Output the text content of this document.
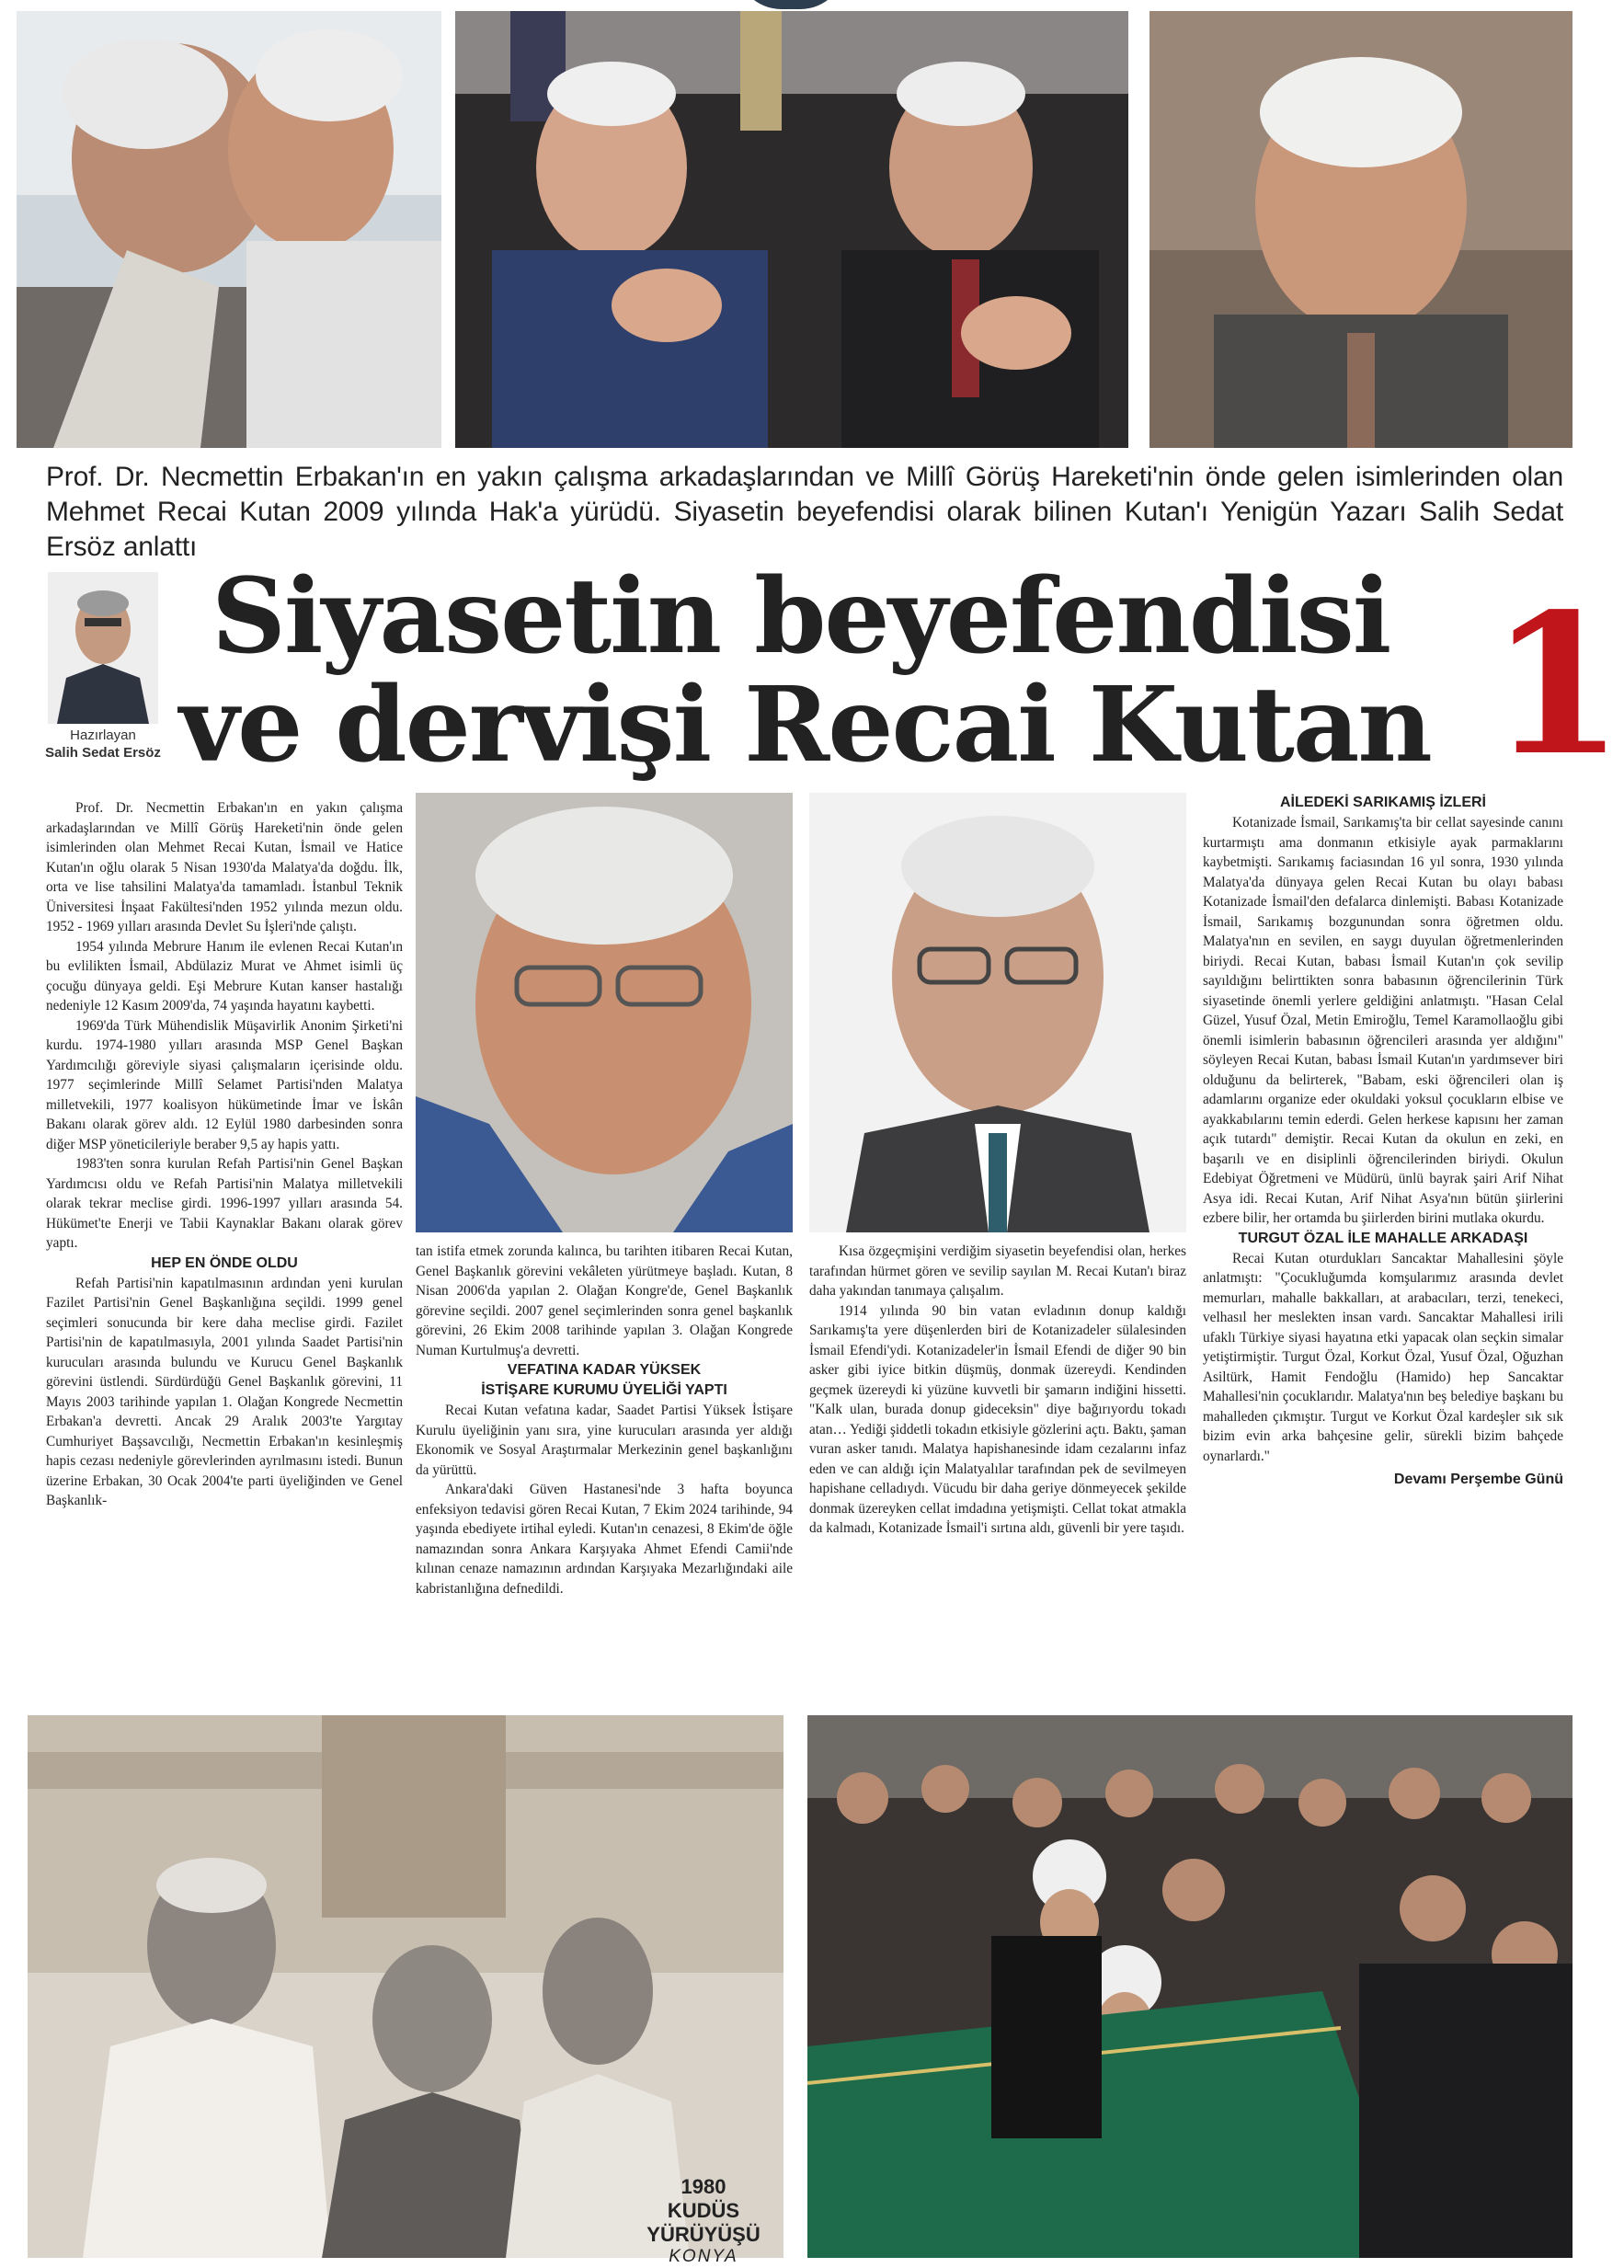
Prof. Dr. Necmettin Erbakan'ın en yakın çalışma arkadaşlarından ve Millî Görüş Hareketi'nin önde gelen isimlerinden olan Mehmet Recai Kutan 2009 yılında Hak'a yürüdü. Siyasetin beyefendisi olarak bilinen Kutan'ı Yenigün Yazarı Salih Sedat Ersöz anlattı
Hazırlayan
Salih Sedat Ersöz
Siyasetin beyefendisi
ve dervişi Recai Kutan 1

Prof. Dr. Necmettin Erbakan'ın en yakın çalışma arkadaşlarından ve Millî Görüş Hareketi'nin önde gelen isimlerinden olan Mehmet Recai Kutan, İsmail ve Hatice Kutan'ın oğlu olarak 5 Nisan 1930'da Malatya'da doğdu. İlk, orta ve lise tahsilini Malatya'da tamamladı. İstanbul Teknik Üniversitesi İnşaat Fakültesi'nden 1952 yılında mezun oldu. 1952 - 1969 yılları arasında Devlet Su İşleri'nde çalıştı.

1954 yılında Mebrure Hanım ile evlenen Recai Kutan'ın bu evlilikten İsmail, Abdülaziz Murat ve Ahmet isimli üç çocuğu dünyaya geldi. Eşi Mebrure Kutan kanser hastalığı nedeniyle 12 Kasım 2009'da, 74 yaşında hayatını kaybetti.

1969'da Türk Mühendislik Müşavirlik Anonim Şirketi'ni kurdu. 1974-1980 yılları arasında MSP Genel Başkan Yardımcılığı göreviyle siyasi çalışmaların içerisinde oldu. 1977 seçimlerinde Millî Selamet Partisi'nden Malatya milletvekili, 1977 koalisyon hükümetinde İmar ve İskân Bakanı olarak görev aldı. 12 Eylül 1980 darbesinden sonra diğer MSP yöneticileriyle beraber 9,5 ay hapis yattı.

1983'ten sonra kurulan Refah Partisi'nin Genel Başkan Yardımcısı oldu ve Refah Partisi'nin Malatya milletvekili olarak tekrar meclise girdi. 1996-1997 yılları arasında 54. Hükümet'te Enerji ve Tabii Kaynaklar Bakanı olarak görev yaptı.

HEP EN ÖNDE OLDU

Refah Partisi'nin kapatılmasının ardından yeni kurulan Fazilet Partisi'nin Genel Başkanlığına seçildi. 1999 genel seçimleri sonucunda bir kere daha meclise girdi. Fazilet Partisi'nin de kapatılmasıyla, 2001 yılında Saadet Partisi'nin kurucuları arasında bulundu ve Kurucu Genel Başkanlık görevini üstlendi. Sürdürdüğü Genel Başkanlık görevini, 11 Mayıs 2003 tarihinde yapılan 1. Olağan Kongrede Necmettin Erbakan'a devretti. Ancak 29 Aralık 2003'te Yargıtay Cumhuriyet Başsavcılığı, Necmettin Erbakan'ın kesinleşmiş hapis cezası nedeniyle görevlerinden ayrılmasını istedi. Bunun üzerine Erbakan, 30 Ocak 2004'te parti üyeliğinden ve Genel Başkanlık-

tan istifa etmek zorunda kalınca, bu tarihten itibaren Recai Kutan, Genel Başkanlık görevini vekâleten yürütmeye başladı. Kutan, 8 Nisan 2006'da yapılan 2. Olağan Kongre'de, Genel Başkanlık görevine seçildi. 2007 genel seçimlerinden sonra genel başkanlık görevini, 26 Ekim 2008 tarihinde yapılan 3. Olağan Kongrede Numan Kurtulmuş'a devretti.

VEFATINA KADAR YÜKSEK

İSTİŞARE KURUMU ÜYELİĞİ YAPTI

Recai Kutan vefatına kadar, Saadet Partisi Yüksek İstişare Kurulu üyeliğinin yanı sıra, yine kurucuları arasında yer aldığı Ekonomik ve Sosyal Araştırmalar Merkezinin genel başkanlığını da yürüttü.

Ankara'daki Güven Hastanesi'nde 3 hafta boyunca enfeksiyon tedavisi gören Recai Kutan, 7 Ekim 2024 tarihinde, 94 yaşında ebediyete irtihal eyledi. Kutan'ın cenazesi, 8 Ekim'de öğle namazından sonra Ankara Karşıyaka Ahmet Efendi Camii'nde kılınan cenaze namazının ardından Karşıyaka Mezarlığındaki aile kabristanlığına defnedildi.

Kısa özgeçmişini verdiğim siyasetin beyefendisi olan, herkes tarafından hürmet gören ve sevilip sayılan M. Recai Kutan'ı biraz daha yakından tanımaya çalışalım.

1914 yılında 90 bin vatan evladının donup kaldığı Sarıkamış'ta yere düşenlerden biri de Kotanizadeler sülalesinden İsmail Efendi'ydi. Kotanizadeler'in İsmail Efendi de diğer 90 bin asker gibi iyice bitkin düşmüş, donmak üzereydi. Kendinden geçmek üzereydi ki yüzüne kuvvetli bir şamarın indiğini hissetti. "Kalk ulan, burada donup gideceksin" diye bağırıyordu tokadı atan… Yediği şiddetli tokadın etkisiyle gözlerini açtı. Baktı, şaman vuran asker tanıdı. Malatya hapishanesinde idam cezalarını infaz eden ve can aldığı için Malatyalılar tarafından pek de sevilmeyen hapishane celladıydı. Vücudu bir daha geriye dönmeyecek şekilde donmak üzereyken cellat imdadına yetişmişti. Cellat tokat atmakla da kalmadı, Kotanizade İsmail'i sırtına aldı, güvenli bir yere taşıdı.

AİLEDEKİ SARIKAMIŞ İZLERİ

Kotanizade İsmail, Sarıkamış'ta bir cellat sayesinde canını kurtarmıştı ama donmanın etkisiyle ayak parmaklarını kaybetmişti. Sarıkamış faciasından 16 yıl sonra, 1930 yılında Malatya'da dünyaya gelen Recai Kutan bu olayı babası Kotanizade İsmail'den defalarca dinlemişti. Babası Kotanizade İsmail, Sarıkamış bozgunundan sonra öğretmen oldu. Malatya'nın en sevilen, en saygı duyulan öğretmenlerinden biriydi. Recai Kutan, babası İsmail Kutan'ın çok sevilip sayıldığını belirttikten sonra babasının öğrencilerinin Türk siyasetinde önemli yerlere geldiğini anlatmıştı. "Hasan Celal Güzel, Yusuf Özal, Metin Emiroğlu, Temel Karamollaoğlu gibi önemli isimlerin babasının öğrencileri arasında yer aldığını" söyleyen Recai Kutan, babası İsmail Kutan'ın yardımsever biri olduğunu da belirterek, "Babam, eski öğrencileri olan iş adamlarını organize eder okuldaki yoksul çocukların elbise ve ayakkabılarını temin ederdi. Gelen herkese kapısını her zaman açık tutardı" demiştir. Recai Kutan da okulun en zeki, en başarılı ve en disiplinli öğrencilerinden biriydi. Okulun Edebiyat Öğretmeni ve Müdürü, ünlü bayrak şairi Arif Nihat Asya idi. Recai Kutan, Arif Nihat Asya'nın bütün şiirlerini ezbere bilir, her ortamda bu şiirlerden birini mutlaka okurdu.

TURGUT ÖZAL İLE MAHALLE ARKADAŞI

Recai Kutan oturdukları Sancaktar Mahallesini şöyle anlatmıştı: "Çocukluğumda komşularımız arasında devlet memurları, mahalle bakkalları, at arabacıları, terzi, tenekeci, velhasıl her meslekten insan vardı. Sancaktar Mahallesi irili ufaklı Türkiye siyasi hayatına etki yapacak olan seçkin simalar yetiştirmiştir. Turgut Özal, Korkut Özal, Yusuf Özal, Oğuzhan Asiltürk, Hamit Fendoğlu (Hamido) hep Sancaktar Mahallesi'nin çocuklarıdır. Malatya'nın beş belediye başkanı bu mahalleden çıkmıştır. Turgut ve Korkut Özal kardeşler sık sık bizim evin arka bahçesine gelir, sürekli bizim bahçede oynarlardı."

Devamı Perşembe Günü
1980 KUDÜS
YÜRÜYÜŞÜ
KONYA
